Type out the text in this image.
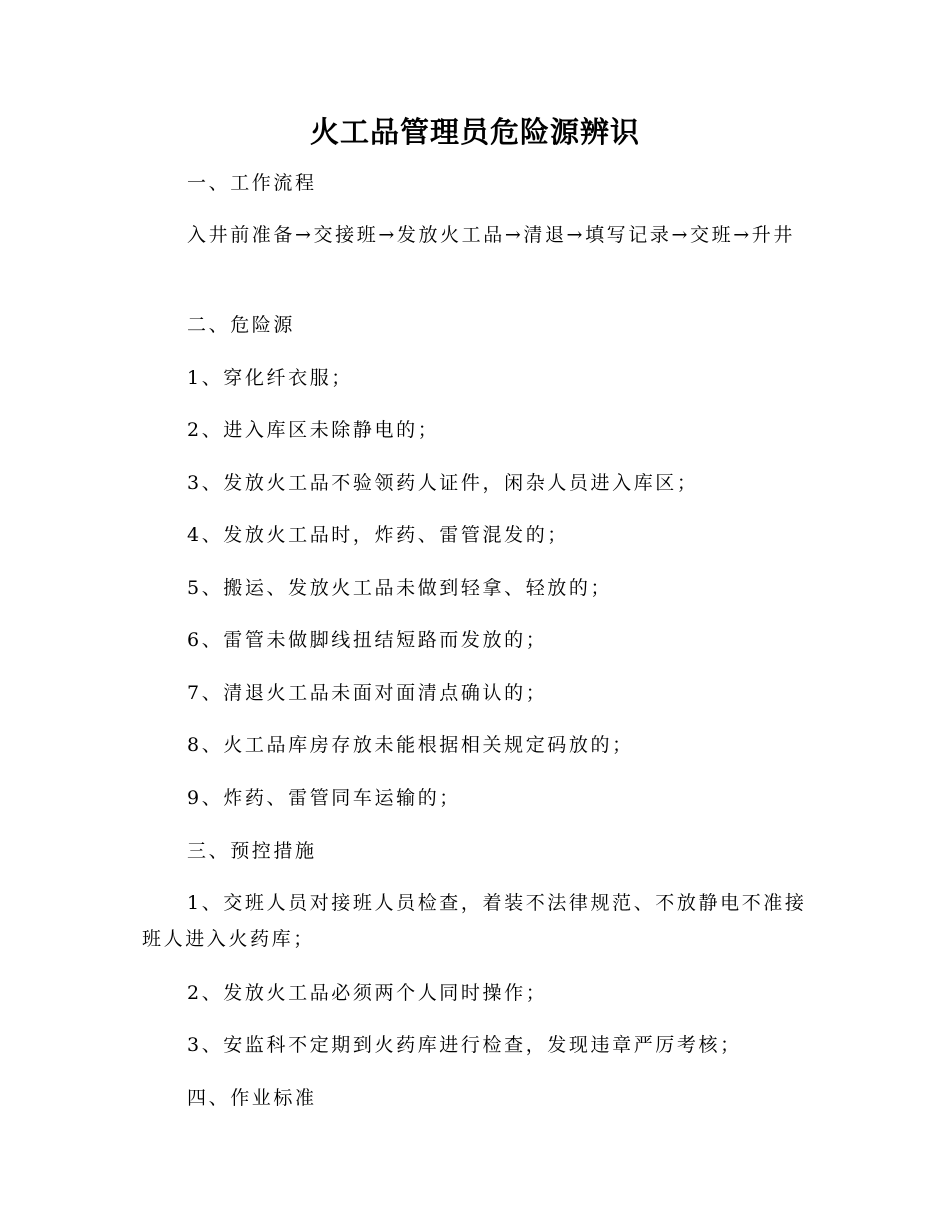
火工品管理员危险源辨识
一、工作流程
入井前准备→交接班→发放火工品→清退→填写记录→交班→升井
二、危险源
1、穿化纤衣服；
2、进入库区未除静电的；
3、发放火工品不验领药人证件，闲杂人员进入库区；
4、发放火工品时，炸药、雷管混发的；
5、搬运、发放火工品未做到轻拿、轻放的；
6、雷管未做脚线扭结短路而发放的；
7、清退火工品未面对面清点确认的；
8、火工品库房存放未能根据相关规定码放的；
9、炸药、雷管同车运输的；
三、预控措施
1、交班人员对接班人员检查，着装不法律规范、不放静电不准接班人进入火药库；
2、发放火工品必须两个人同时操作；
3、安监科不定期到火药库进行检查，发现违章严厉考核；
四、作业标准
